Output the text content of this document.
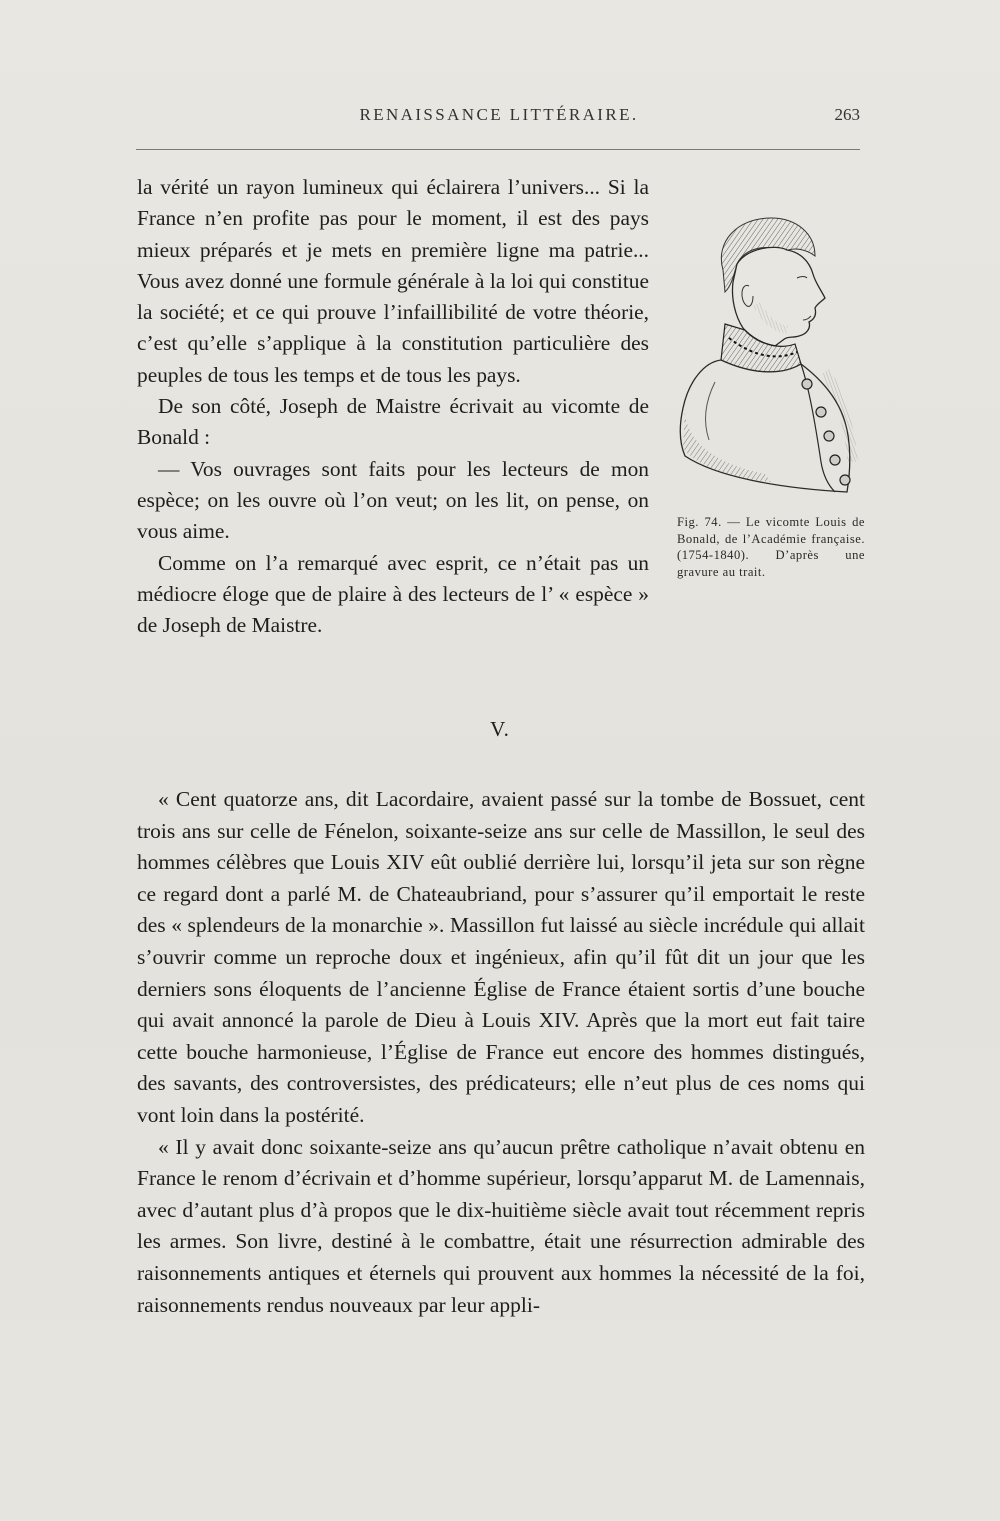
RENAISSANCE LITTÉRAIRE.	263

la vérité un rayon lumineux qui éclairera l’univers... Si la France n’en profite pas pour le moment, il est des pays mieux préparés et je mets en première ligne ma patrie... Vous avez donné une formule générale à la loi qui constitue la société; et ce qui prouve l’infaillibilité de votre théorie, c’est qu’elle s’applique à la constitution particulière des peuples de tous les temps et de tous les pays.

De son côté, Joseph de Maistre écrivait au vicomte de Bonald :

— Vos ouvrages sont faits pour les lecteurs de mon espèce; on les ouvre où l’on veut; on les lit, on pense, on vous aime.

Comme on l’a remarqué avec esprit, ce n’était pas un médiocre éloge que de plaire à des lecteurs de l’ « espèce » de Joseph de Maistre.

Fig. 74. — Le vicomte Louis de Bonald, de l’Académie française. (1754-1840). D’après une gravure au trait.
V.

« Cent quatorze ans, dit Lacordaire, avaient passé sur la tombe de Bossuet, cent trois ans sur celle de Fénelon, soixante-seize ans sur celle de Massillon, le seul des hommes célèbres que Louis XIV eût oublié derrière lui, lorsqu’il jeta sur son règne ce regard dont a parlé M. de Chateaubriand, pour s’assurer qu’il emportait le reste des « splendeurs de la monarchie ». Massillon fut laissé au siècle incrédule qui allait s’ouvrir comme un reproche doux et ingénieux, afin qu’il fût dit un jour que les derniers sons éloquents de l’ancienne Église de France étaient sortis d’une bouche qui avait annoncé la parole de Dieu à Louis XIV. Après que la mort eut fait taire cette bouche harmonieuse, l’Église de France eut encore des hommes distingués, des savants, des controversistes, des prédicateurs; elle n’eut plus de ces noms qui vont loin dans la postérité.

« Il y avait donc soixante-seize ans qu’aucun prêtre catholique n’avait obtenu en France le renom d’écrivain et d’homme supérieur, lorsqu’apparut M. de Lamennais, avec d’autant plus d’à propos que le dix-huitième siècle avait tout récemment repris les armes. Son livre, destiné à le combattre, était une résurrection admirable des raisonnements antiques et éternels qui prouvent aux hommes la nécessité de la foi, raisonnements rendus nouveaux par leur appli-
